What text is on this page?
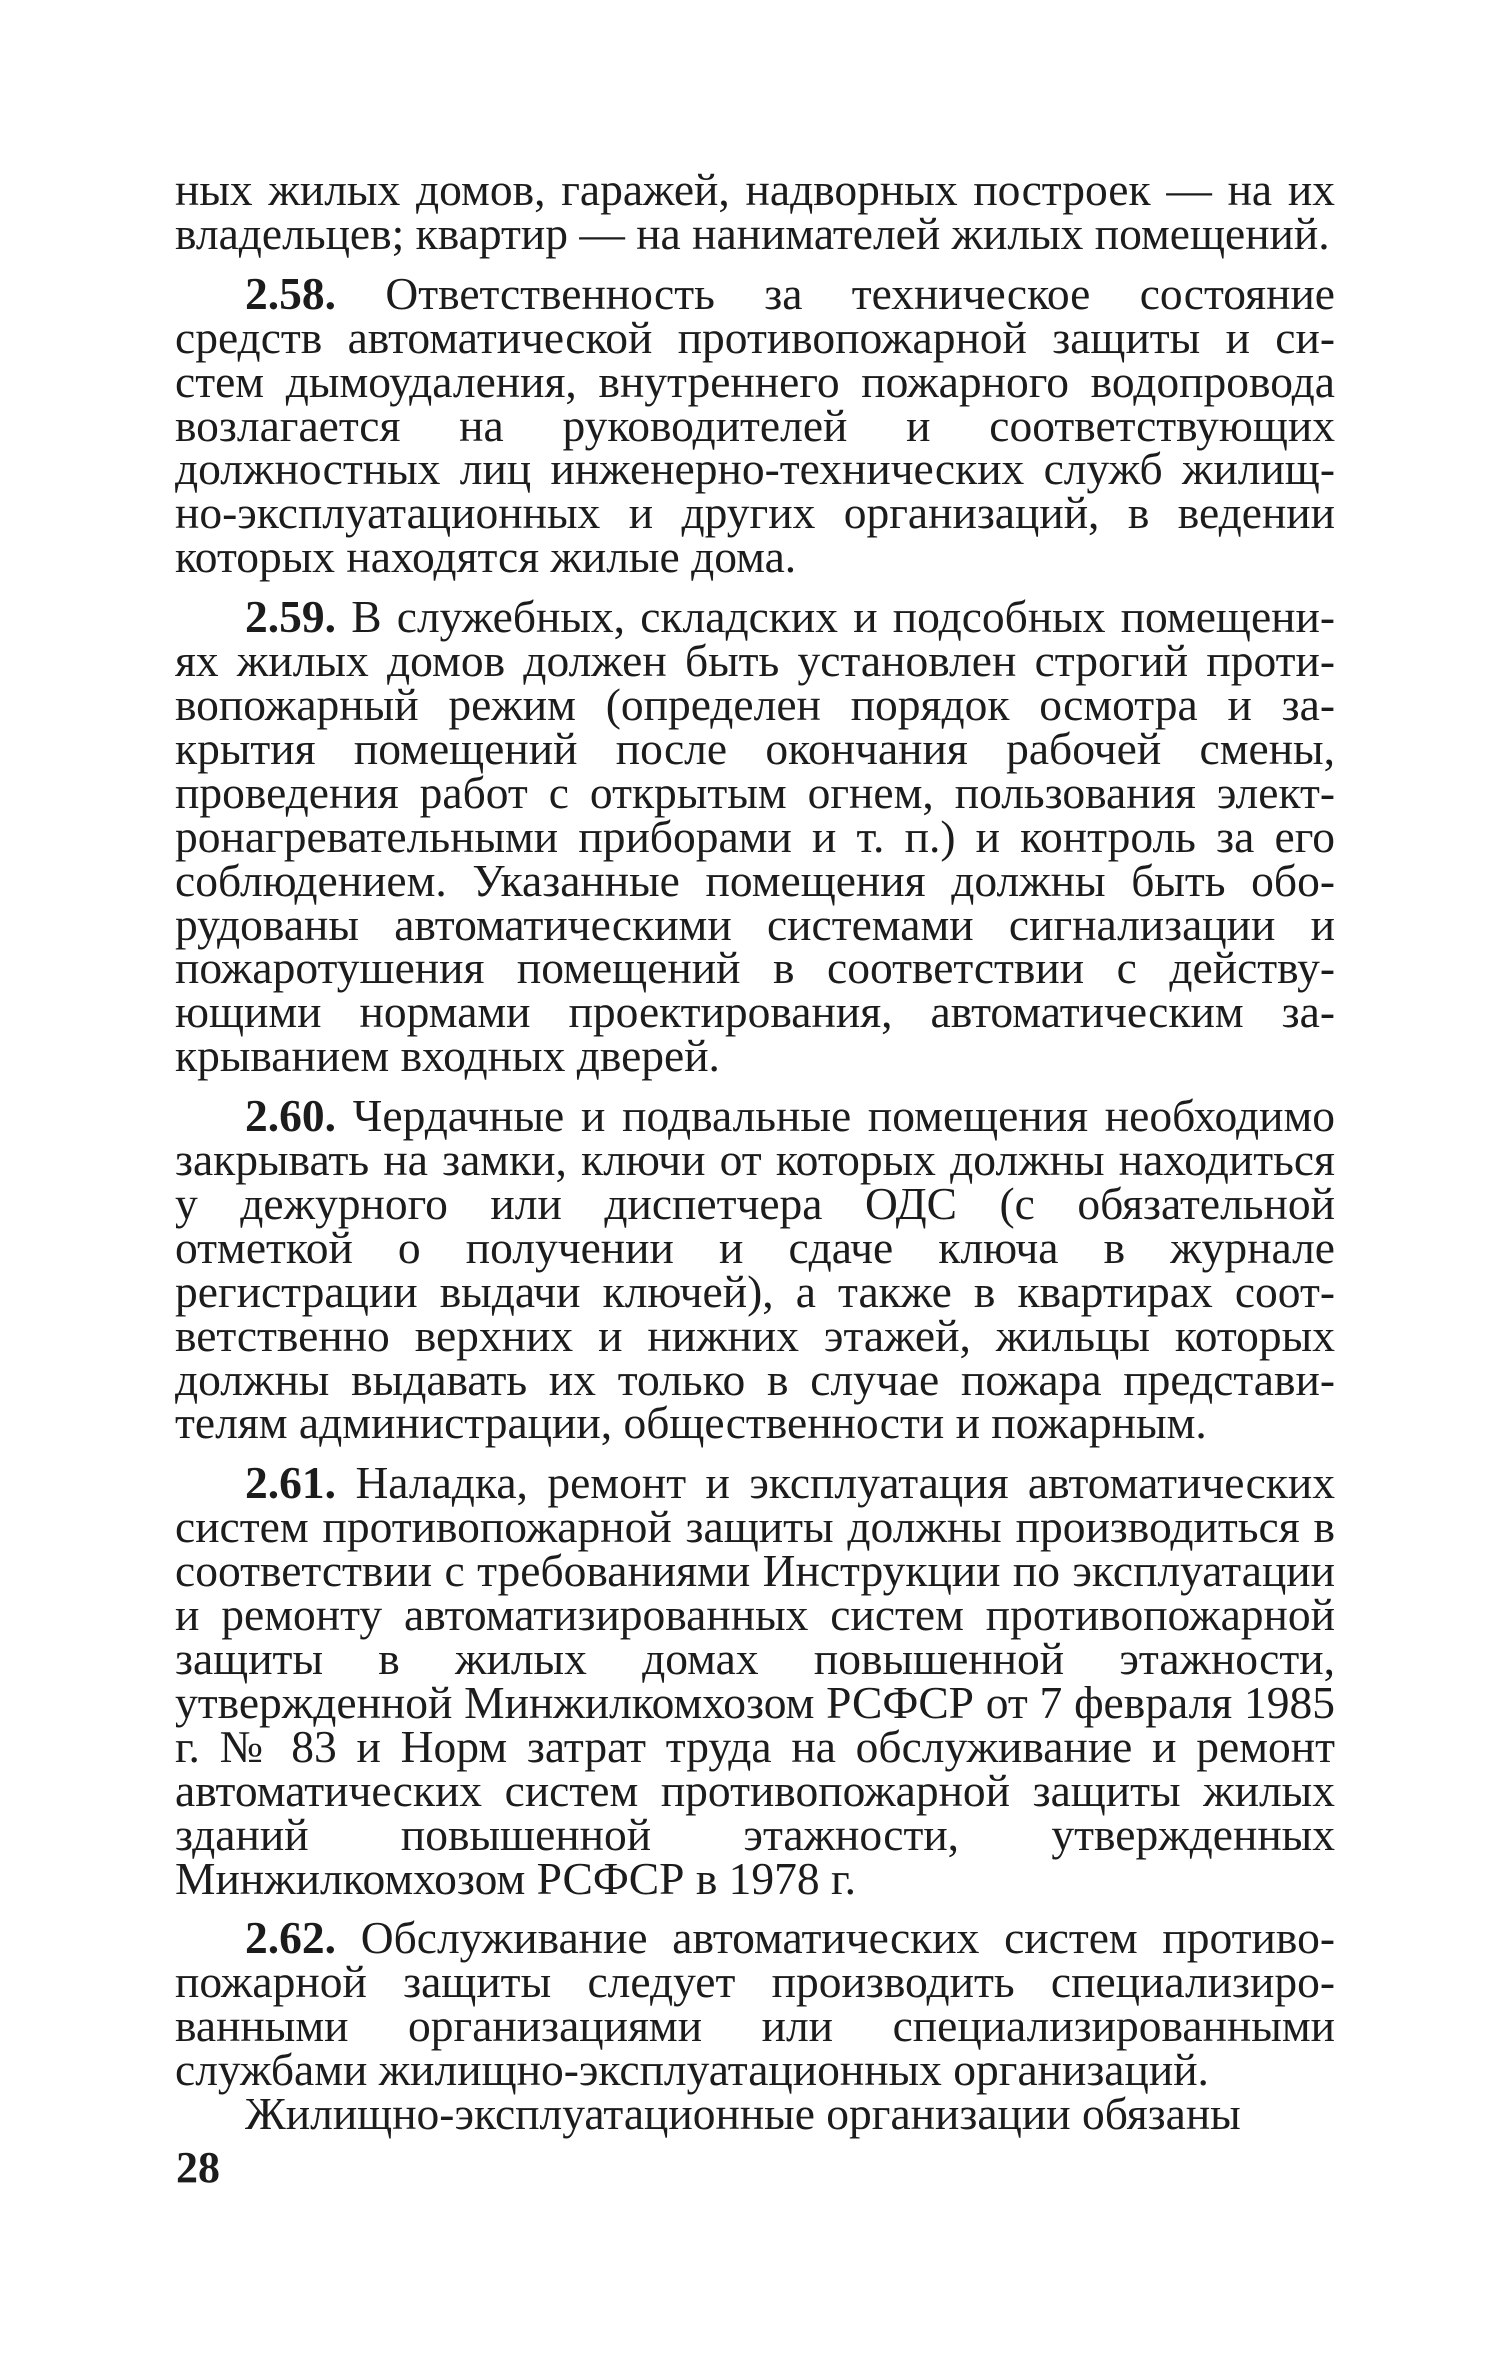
ных жилых домов, гаражей, надворных построек — на их владельцев; квартир — на нанимателей жилых помещений.

2.58. Ответственность за техническое состояние средств автоматической противопожарной защиты и систем дымоудаления, внутреннего пожарного водопровода возлагается на руководителей и соответствующих должностных лиц инженерно-технических служб жилищно-эксплуатационных и других организаций, в ведении которых находятся жилые дома.

2.59. В служебных, складских и подсобных помещениях жилых домов должен быть установлен строгий противопожарный режим (определен порядок осмотра и закрытия помещений после окончания рабочей смены, проведения работ с открытым огнем, пользования электронагревательными приборами и т. п.) и контроль за его соблюдением. Указанные помещения должны быть оборудованы автоматическими системами сигнализации и пожаротушения помещений в соответствии с действующими нормами проектирования, автоматическим закрыванием входных дверей.

2.60. Чердачные и подвальные помещения необходимо закрывать на замки, ключи от которых должны находиться у дежурного или диспетчера ОДС (с обязательной отметкой о получении и сдаче ключа в журнале регистрации выдачи ключей), а также в квартирах соответственно верхних и нижних этажей, жильцы которых должны выдавать их только в случае пожара представителям администрации, общественности и пожарным.

2.61. Наладка, ремонт и эксплуатация автоматических систем противопожарной защиты должны производиться в соответствии с требованиями Инструкции по эксплуатации и ремонту автоматизированных систем противопожарной защиты в жилых домах повышенной этажности, утвержденной Минжилкомхозом РСФСР от 7 февраля 1985 г. № 83 и Норм затрат труда на обслуживание и ремонт автоматических систем противопожарной защиты жилых зданий повышенной этажности, утвержденных Минжилкомхозом РСФСР в 1978 г.

2.62. Обслуживание автоматических систем противопожарной защиты следует производить специализированными организациями или специализированными службами жилищно-эксплуатационных организаций.

Жилищно-эксплуатационные организации обязаны

28
